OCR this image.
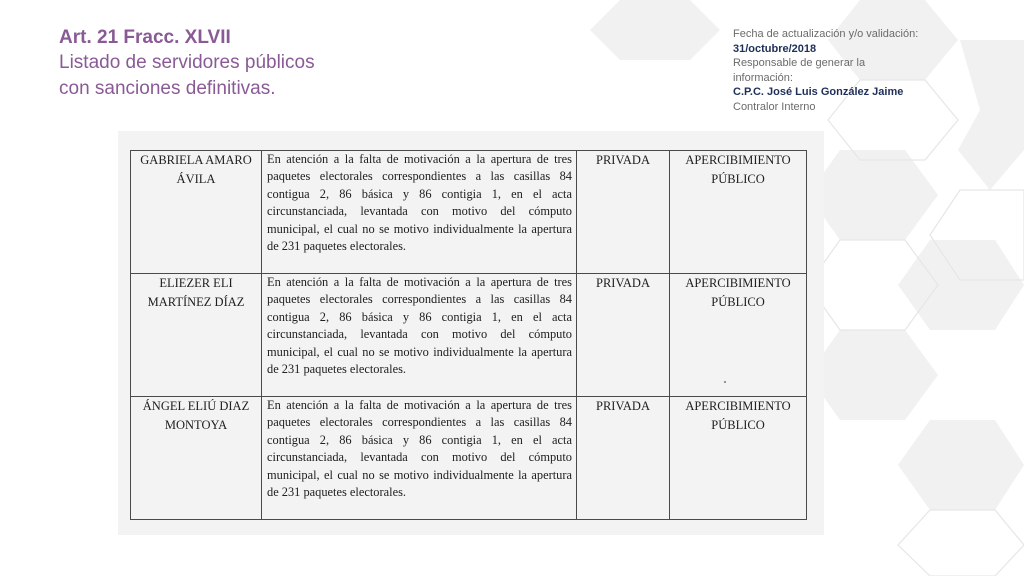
Art. 21 Fracc. XLVII
Listado de servidores públicos
con sanciones definitivas.
Fecha de actualización y/o validación:
31/octubre/2018
Responsable de generar la
información:
C.P.C. José Luis González Jaime
Contralor Interno
GABRIELA AMARO
ÁVILA	En atención a la falta de motivación a la apertura de tres paquetes electorales correspondientes a las casillas 84 contigua 2, 86 básica y 86 contigia 1, en el acta circunstanciada, levantada con motivo del cómputo municipal, el cual no se motivo individualmente la apertura de 231 paquetes electorales.	PRIVADA	APERCIBIMIENTO
PÚBLICO

ELIEZER ELI
MARTÍNEZ DÍAZ	En atención a la falta de motivación a la apertura de tres paquetes electorales correspondientes a las casillas 84 contigua 2, 86 básica y 86 contigia 1, en el acta circunstanciada, levantada con motivo del cómputo municipal, el cual no se motivo individualmente la apertura de 231 paquetes electorales.	PRIVADA	APERCIBIMIENTO
PÚBLICO

ÁNGEL ELIÚ DIAZ
MONTOYA	En atención a la falta de motivación a la apertura de tres paquetes electorales correspondientes a las casillas 84 contigua 2, 86 básica y 86 contigia 1, en el acta circunstanciada, levantada con motivo del cómputo municipal, el cual no se motivo individualmente la apertura de 231 paquetes electorales.	PRIVADA	APERCIBIMIENTO
PÚBLICO
